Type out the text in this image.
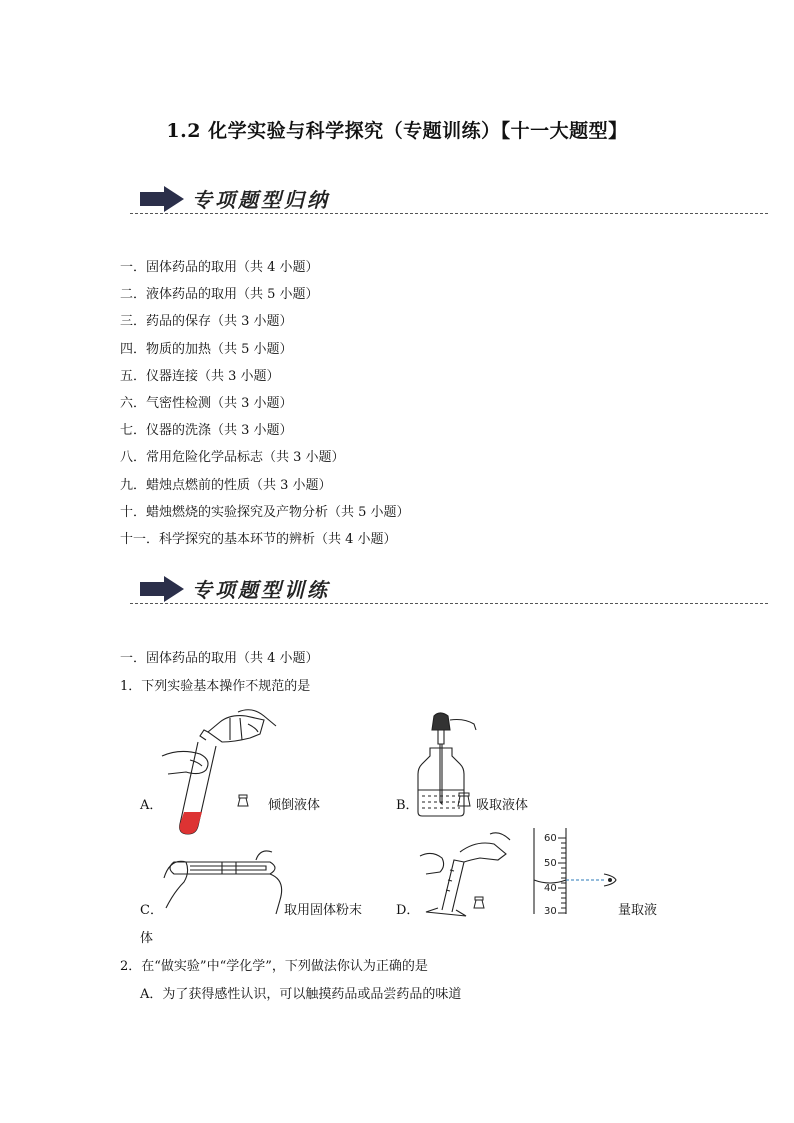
1.2 化学实验与科学探究（专题训练）【十一大题型】
专项题型归纳
一．固体药品的取用（共 4 小题）
二．液体药品的取用（共 5 小题）
三．药品的保存（共 3 小题）
四．物质的加热（共 5 小题）
五．仪器连接（共 3 小题）
六．气密性检测（共 3 小题）
七．仪器的洗涤（共 3 小题）
八．常用危险化学品标志（共 3 小题）
九．蜡烛点燃前的性质（共 3 小题）
十．蜡烛燃烧的实验探究及产物分析（共 5 小题）
十一．科学探究的基本环节的辨析（共 4 小题）
专项题型训练
一．固体药品的取用（共 4 小题）
1．下列实验基本操作不规范的是
A．	倾倒液体	B．	吸取液体
C．	取用固体粉末
体
D．
60
50
40
30	量取液
2．在“做实验”中“学化学”，下列做法你认为正确的是
A．为了获得感性认识，可以触摸药品或品尝药品的味道
